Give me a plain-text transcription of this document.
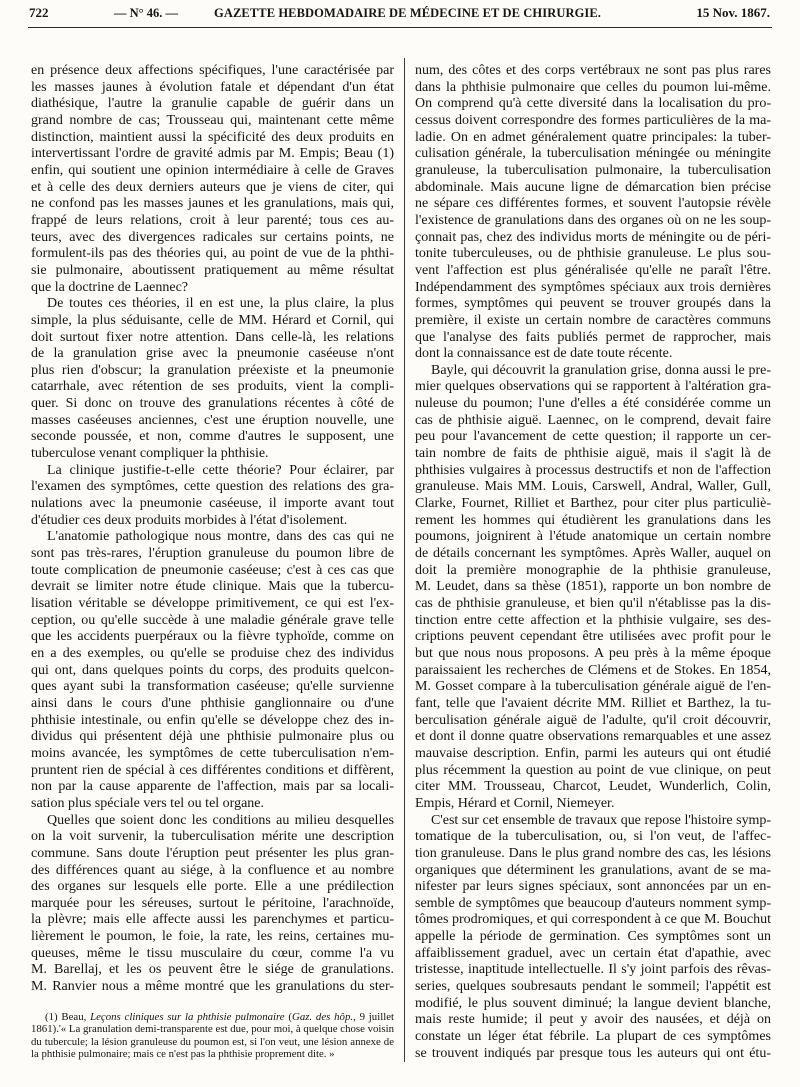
722	— N° 46. —	GAZETTE HEBDOMADAIRE DE MÉDECINE ET DE CHIRURGIE.	15 Nov. 1867.
en présence deux affections spécifiques, l'une caractérisée par
les masses jaunes à évolution fatale et dépendant d'un état
diathésique, l'autre la granulie capable de guérir dans un
grand nombre de cas; Trousseau qui, maintenant cette même
distinction, maintient aussi la spécificité des deux produits en
intervertissant l'ordre de gravité admis par M. Empis; Beau (1)
enfin, qui soutient une opinion intermédiaire à celle de Graves
et à celle des deux derniers auteurs que je viens de citer, qui
ne confond pas les masses jaunes et les granulations, mais qui,
frappé de leurs relations, croit à leur parenté; tous ces au-
teurs, avec des divergences radicales sur certains points, ne
formulent-ils pas des théories qui, au point de vue de la phthi-
sie pulmonaire, aboutissent pratiquement au même résultat
que la doctrine de Laennec?
De toutes ces théories, il en est une, la plus claire, la plus
simple, la plus séduisante, celle de MM. Hérard et Cornil, qui
doit surtout fixer notre attention. Dans celle-là, les relations
de la granulation grise avec la pneumonie caséeuse n'ont
plus rien d'obscur; la granulation préexiste et la pneumonie
catarrhale, avec rétention de ses produits, vient la compli-
quer. Si donc on trouve des granulations récentes à côté de
masses caséeuses anciennes, c'est une éruption nouvelle, une
seconde poussée, et non, comme d'autres le supposent, une
tuberculose venant compliquer la phthisie.
La clinique justifie-t-elle cette théorie? Pour éclairer, par
l'examen des symptômes, cette question des relations des gra-
nulations avec la pneumonie caséeuse, il importe avant tout
d'étudier ces deux produits morbides à l'état d'isolement.
L'anatomie pathologique nous montre, dans des cas qui ne
sont pas très-rares, l'éruption granuleuse du poumon libre de
toute complication de pneumonie caséeuse; c'est à ces cas que
devrait se limiter notre étude clinique. Mais que la tubercu-
lisation véritable se développe primitivement, ce qui est l'ex-
ception, ou qu'elle succède à une maladie générale grave telle
que les accidents puerpéraux ou la fièvre typhoïde, comme on
en a des exemples, ou qu'elle se produise chez des individus
qui ont, dans quelques points du corps, des produits quelcon-
ques ayant subi la transformation caséeuse; qu'elle survienne
ainsi dans le cours d'une phthisie ganglionnaire ou d'une
phthisie intestinale, ou enfin qu'elle se développe chez des in-
dividus qui présentent déjà une phthisie pulmonaire plus ou
moins avancée, les symptômes de cette tuberculisation n'em-
pruntent rien de spécial à ces différentes conditions et diffèrent,
non par la cause apparente de l'affection, mais par sa locali-
sation plus spéciale vers tel ou tel organe.
Quelles que soient donc les conditions au milieu desquelles
on la voit survenir, la tuberculisation mérite une description
commune. Sans doute l'éruption peut présenter les plus gran-
des différences quant au siége, à la confluence et au nombre
des organes sur lesquels elle porte. Elle a une prédilection
marquée pour les séreuses, surtout le péritoine, l'arachnoïde,
la plèvre; mais elle affecte aussi les parenchymes et particu-
lièrement le poumon, le foie, la rate, les reins, certaines mu-
queuses, même le tissu musculaire du cœur, comme l'a vu
M. Barellaj, et les os peuvent être le siége de granulations.
M. Ranvier nous a même montré que les granulations du ster-
num, des côtes et des corps vertébraux ne sont pas plus rares
dans la phthisie pulmonaire que celles du poumon lui-même.
On comprend qu'à cette diversité dans la localisation du pro-
cessus doivent correspondre des formes particulières de la ma-
ladie. On en admet généralement quatre principales: la tuber-
culisation générale, la tuberculisation méningée ou méningite
granuleuse, la tuberculisation pulmonaire, la tuberculisation
abdominale. Mais aucune ligne de démarcation bien précise
ne sépare ces différentes formes, et souvent l'autopsie révèle
l'existence de granulations dans des organes où on ne les soup-
çonnait pas, chez des individus morts de méningite ou de péri-
tonite tuberculeuses, ou de phthisie granuleuse. Le plus sou-
vent l'affection est plus généralisée qu'elle ne paraît l'être.
Indépendamment des symptômes spéciaux aux trois dernières
formes, symptômes qui peuvent se trouver groupés dans la
première, il existe un certain nombre de caractères communs
que l'analyse des faits publiés permet de rapprocher, mais
dont la connaissance est de date toute récente.
Bayle, qui découvrit la granulation grise, donna aussi le pre-
mier quelques observations qui se rapportent à l'altération gra-
nuleuse du poumon; l'une d'elles a été considérée comme un
cas de phthisie aiguë. Laennec, on le comprend, devait faire
peu pour l'avancement de cette question; il rapporte un cer-
tain nombre de faits de phthisie aiguë, mais il s'agit là de
phthisies vulgaires à processus destructifs et non de l'affection
granuleuse. Mais MM. Louis, Carswell, Andral, Waller, Gull,
Clarke, Fournet, Rilliet et Barthez, pour citer plus particuliè-
rement les hommes qui étudièrent les granulations dans les
poumons, joignirent à l'étude anatomique un certain nombre
de détails concernant les symptômes. Après Waller, auquel on
doit la première monographie de la phthisie granuleuse,
M. Leudet, dans sa thèse (1851), rapporte un bon nombre de
cas de phthisie granuleuse, et bien qu'il n'établisse pas la dis-
tinction entre cette affection et la phthisie vulgaire, ses des-
criptions peuvent cependant être utilisées avec profit pour le
but que nous nous proposons. A peu près à la même époque
paraissaient les recherches de Clémens et de Stokes. En 1854,
M. Gosset compare à la tuberculisation générale aiguë de l'en-
fant, telle que l'avaient décrite MM. Rilliet et Barthez, la tu-
berculisation générale aiguë de l'adulte, qu'il croit découvrir,
et dont il donne quatre observations remarquables et une assez
mauvaise description. Enfin, parmi les auteurs qui ont étudié
plus récemment la question au point de vue clinique, on peut
citer MM. Trousseau, Charcot, Leudet, Wunderlich, Colin,
Empis, Hérard et Cornil, Niemeyer.
C'est sur cet ensemble de travaux que repose l'histoire symp-
tomatique de la tuberculisation, ou, si l'on veut, de l'affec-
tion granuleuse. Dans le plus grand nombre des cas, les lésions
organiques que déterminent les granulations, avant de se ma-
nifester par leurs signes spéciaux, sont annoncées par un en-
semble de symptômes que beaucoup d'auteurs nomment symp-
tômes prodromiques, et qui correspondent à ce que M. Bouchut
appelle la période de germination. Ces symptômes sont un
affaiblissement graduel, avec un certain état d'apathie, avec
tristesse, inaptitude intellectuelle. Il s'y joint parfois des rêvas-
series, quelques soubresauts pendant le sommeil; l'appétit est
modifié, le plus souvent diminué; la langue devient blanche,
mais reste humide; il peut y avoir des nausées, et déjà on
constate un léger état fébrile. La plupart de ces symptômes
se trouvent indiqués par presque tous les auteurs qui ont étu-
(1) Beau, Leçons cliniques sur la phthisie pulmonaire (Gaz. des hôp., 9 juillet
1861).'« La granulation demi-transparente est due, pour moi, à quelque chose voisin
du tubercule; la lésion granuleuse du poumon est, si l'on veut, une lésion annexe de
la phthisie pulmonaire; mais ce n'est pas la phthisie proprement dite. »
